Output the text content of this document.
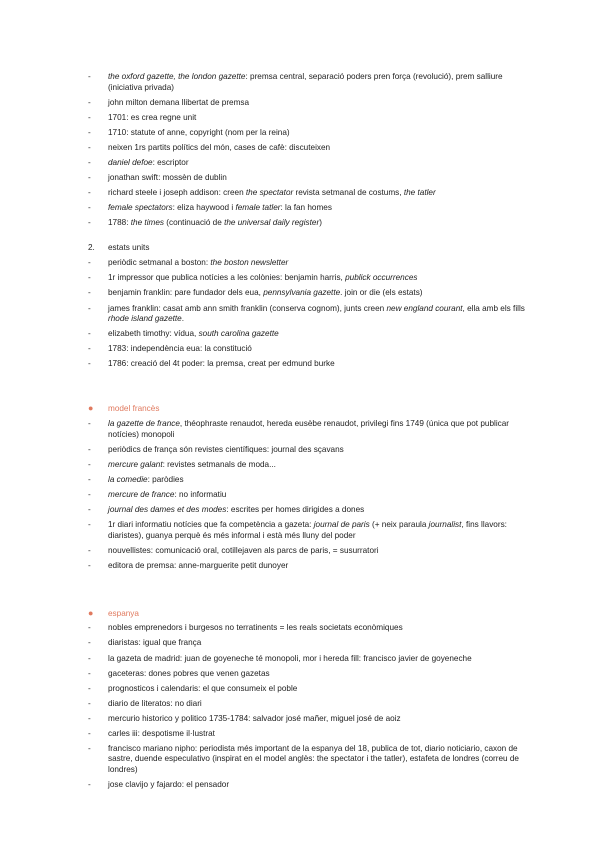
- the oxford gazette, the london gazette: premsa central, separació poders pren força (revolució), prem salliure (iniciativa privada)
- john milton demana llibertat de premsa
- 1701: es crea regne unit
- 1710: statute of anne, copyright (nom per la reina)
- neixen 1rs partits polítics del món, cases de cafè: discuteixen
- daniel defoe: escriptor
- jonathan swift: mossèn de dublin
- richard steele i joseph addison: creen the spectator revista setmanal de costums, the tatler
- female spectators: eliza haywood i female tatler: la fan homes
- 1788: the times (continuació de the universal daily register)
2. estats units
- periòdic setmanal a boston: the boston newsletter
- 1r impressor que publica notícies a les colònies: benjamin harris, publick occurrences
- benjamin franklin: pare fundador dels eua, pennsylvania gazette. join or die (els estats)
- james franklin: casat amb ann smith franklin (conserva cognom), junts creen new england courant, ella amb els fills rhode island gazette.
- elizabeth timothy: vídua, south carolina gazette
- 1783: independència eua: la constitució
- 1786: creació del 4t poder: la premsa, creat per edmund burke
● model francès
- la gazette de france, théophraste renaudot, hereda eusèbe renaudot, privilegi fins 1749 (única que pot publicar notícies) monopoli
- periòdics de frança són revistes científiques: journal des sçavans
- mercure galant: revistes setmanals de moda...
- la comedie: paròdies
- mercure de france: no informatiu
- journal des dames et des modes: escrites per homes dirigides a dones
- 1r diari informatiu notícies que fa competència a gazeta: journal de paris (+ neix paraula journalist, fins llavors: diaristes), guanya perquè és més informal i està més lluny del poder
- nouvellistes: comunicació oral, cotillejaven als parcs de paris, = susurratori
- editora de premsa: anne-marguerite petit dunoyer
● espanya
- nobles emprenedors i burgesos no terratinents = les reals societats econòmiques
- diaristas: igual que frança
- la gazeta de madrid: juan de goyeneche té monopoli, mor i hereda fill: francisco javier de goyeneche
- gaceteras: dones pobres que venen gazetas
- prognosticos i calendaris: el que consumeix el poble
- diario de literatos: no diari
- mercurio historico y politico 1735-1784: salvador josé mañer, miguel josé de aoiz
- carles iii: despotisme il·lustrat
- francisco mariano nipho: periodista més important de la espanya del 18, publica de tot, diario noticiario, caxon de sastre, duende especulativo (inspirat en el model anglès: the spectator i the tatler), estafeta de londres (correu de londres)
- jose clavijo y fajardo: el pensador
